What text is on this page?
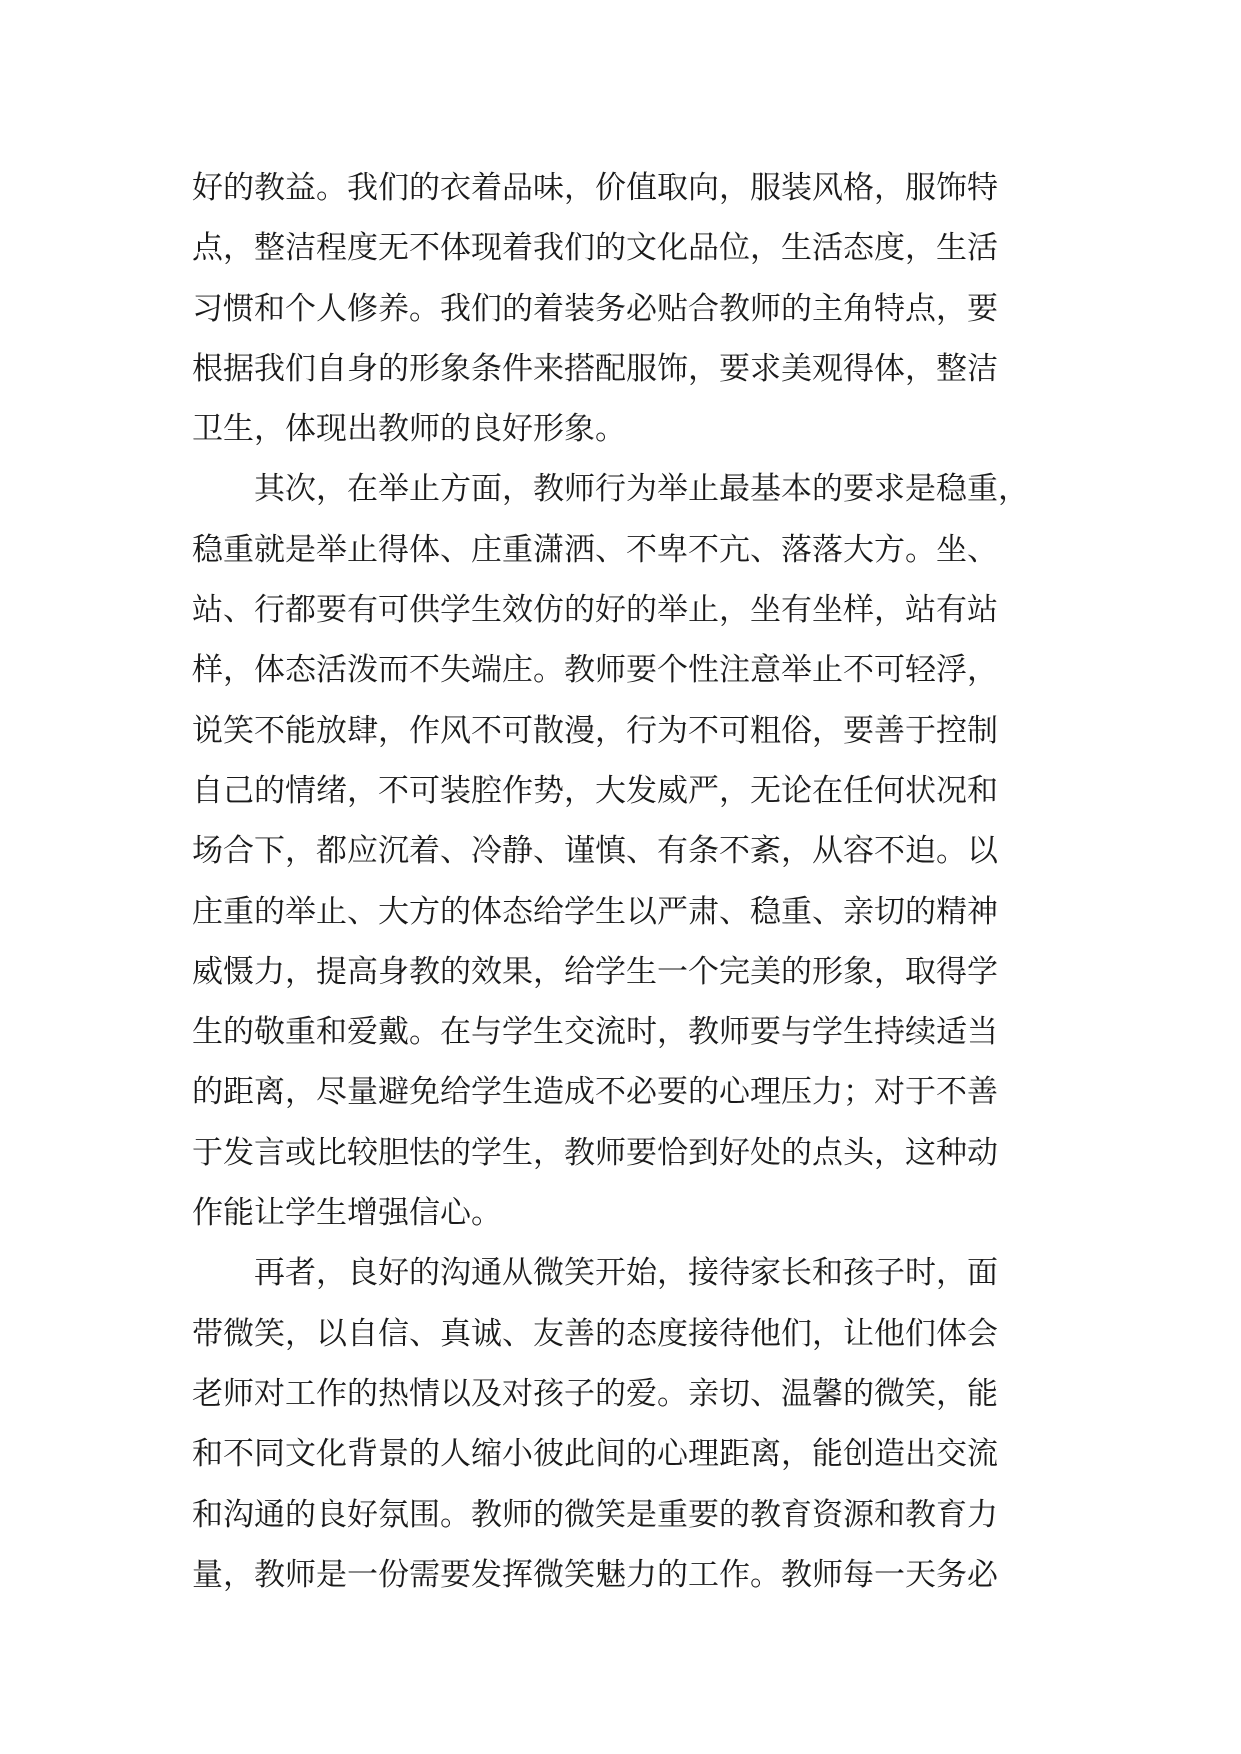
好的教益。我们的衣着品味，价值取向，服装风格，服饰特
点，整洁程度无不体现着我们的文化品位，生活态度，生活
习惯和个人修养。我们的着装务必贴合教师的主角特点，要
根据我们自身的形象条件来搭配服饰，要求美观得体，整洁
卫生，体现出教师的良好形象。
　　其次，在举止方面，教师行为举止最基本的要求是稳重，
稳重就是举止得体、庄重潇洒、不卑不亢、落落大方。坐、
站、行都要有可供学生效仿的好的举止，坐有坐样，站有站
样，体态活泼而不失端庄。教师要个性注意举止不可轻浮，
说笑不能放肆，作风不可散漫，行为不可粗俗，要善于控制
自己的情绪，不可装腔作势，大发威严，无论在任何状况和
场合下，都应沉着、冷静、谨慎、有条不紊，从容不迫。以
庄重的举止、大方的体态给学生以严肃、稳重、亲切的精神
威慑力，提高身教的效果，给学生一个完美的形象，取得学
生的敬重和爱戴。在与学生交流时，教师要与学生持续适当
的距离，尽量避免给学生造成不必要的心理压力；对于不善
于发言或比较胆怯的学生，教师要恰到好处的点头，这种动
作能让学生增强信心。
　　再者，良好的沟通从微笑开始，接待家长和孩子时，面
带微笑，以自信、真诚、友善的态度接待他们，让他们体会
老师对工作的热情以及对孩子的爱。亲切、温馨的微笑，能
和不同文化背景的人缩小彼此间的心理距离，能创造出交流
和沟通的良好氛围。教师的微笑是重要的教育资源和教育力
量，教师是一份需要发挥微笑魅力的工作。教师每一天务必
